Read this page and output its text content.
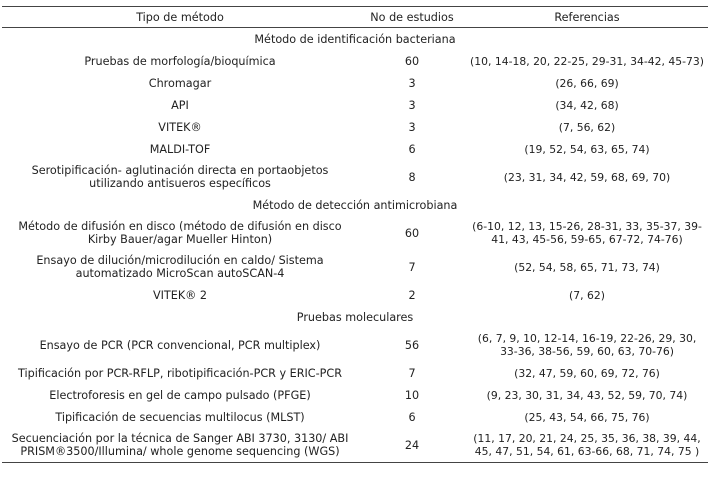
Tipo de método	No de estudios	Referencias
Método de identificación bacteriana		
Pruebas de morfología/bioquímica	60	(10, 14-18, 20, 22-25, 29-31, 34-42, 45-73)
Chromagar	3	(26, 66, 69)
API	3	(34, 42, 68)
VITEK®	3	(7, 56, 62)
MALDI-TOF	6	(19, 52, 54, 63, 65, 74)
Serotipificación- aglutinación directa en portaobjetos utilizando antisueros específicos	8	(23, 31, 34, 42, 59, 68, 69, 70)
Método de detección antimicrobiana		
Método de difusión en disco (método de difusión en disco Kirby Bauer/agar Mueller Hinton)	60	(6-10, 12, 13, 15-26, 28-31, 33, 35-37, 39-41, 43, 45-56, 59-65, 67-72, 74-76)
Ensayo de dilución/microdilución en caldo/ Sistema automatizado MicroScan autoSCAN-4	7	(52, 54, 58, 65, 71, 73, 74)
VITEK® 2	2	(7, 62)
Pruebas moleculares		
Ensayo de PCR (PCR convencional, PCR multiplex)	56	(6, 7, 9, 10, 12-14, 16-19, 22-26, 29, 30, 33-36, 38-56, 59, 60, 63, 70-76)
Tipificación por PCR-RFLP, ribotipificación-PCR y ERIC-PCR	7	(32, 47, 59, 60, 69, 72, 76)
Electroforesis en gel de campo pulsado (PFGE)	10	(9, 23, 30, 31, 34, 43, 52, 59, 70, 74)
Tipificación de secuencias multilocus (MLST)	6	(25, 43, 54, 66, 75, 76)
Secuenciación por la técnica de Sanger ABI 3730, 3130/ ABI PRISM®3500/Illumina/ whole genome sequencing (WGS)	24	(11, 17, 20, 21, 24, 25, 35, 36, 38, 39, 44, 45, 47, 51, 54, 61, 63-66, 68, 71, 74, 75 )
